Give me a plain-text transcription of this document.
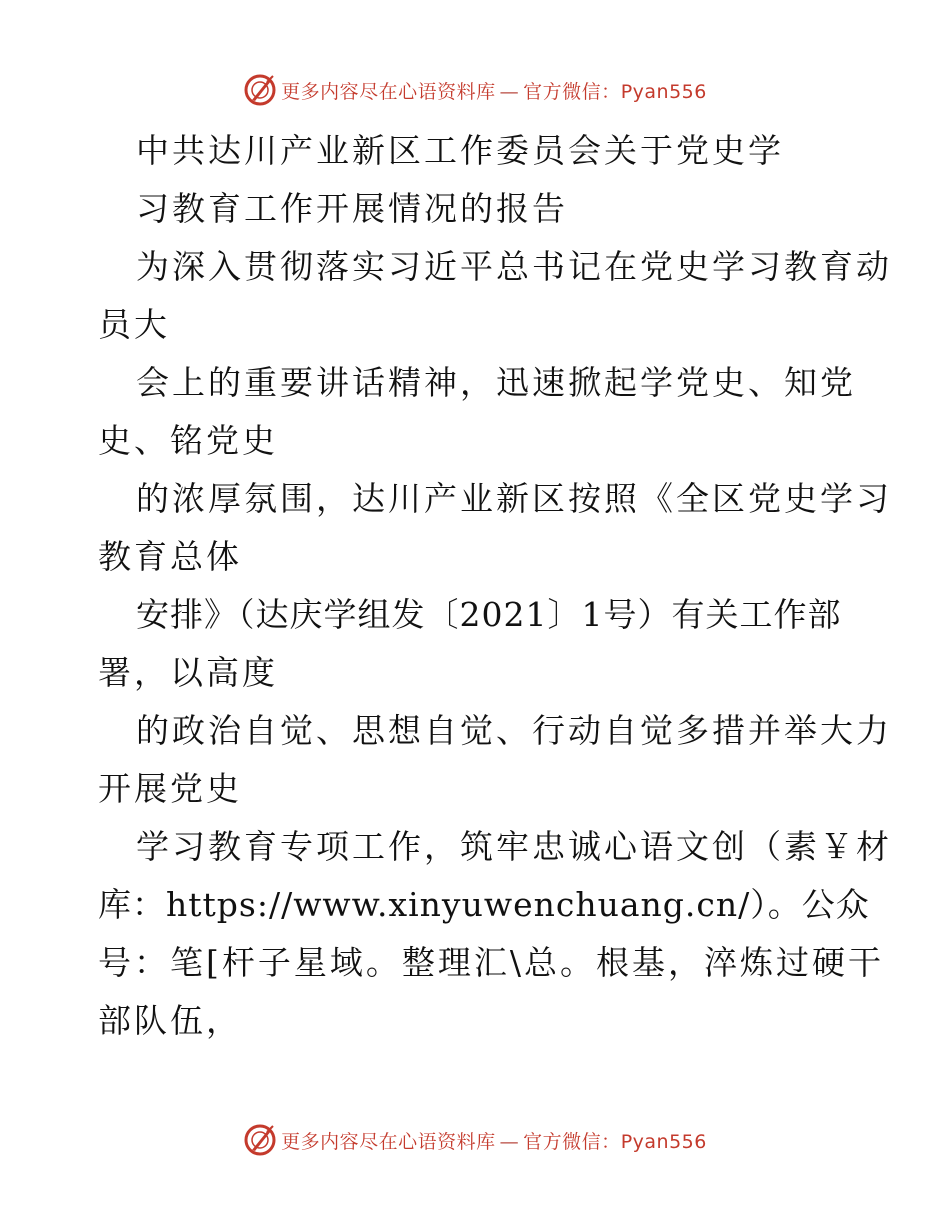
更多内容尽在心语资料库 — 官方微信：Pyan556
中共达川产业新区工作委员会关于党史学
习教育工作开展情况的报告
为深入贯彻落实习近平总书记在党史学习教育动
员大
会上的重要讲话精神，迅速掀起学党史、知党
史、铭党史
的浓厚氛围，达川产业新区按照《全区党史学习
教育总体
安排》（达庆学组发〔2021〕1号）有关工作部
署，以高度
的政治自觉、思想自觉、行动自觉多措并举大力
开展党史
学习教育专项工作，筑牢忠诚心语文创（素￥材
库：https://www.xinyuwenchuang.cn/）。公众
号：笔[杆子星域。整理汇\总。根基，淬炼过硬干
部队伍，
更多内容尽在心语资料库 — 官方微信：Pyan556
